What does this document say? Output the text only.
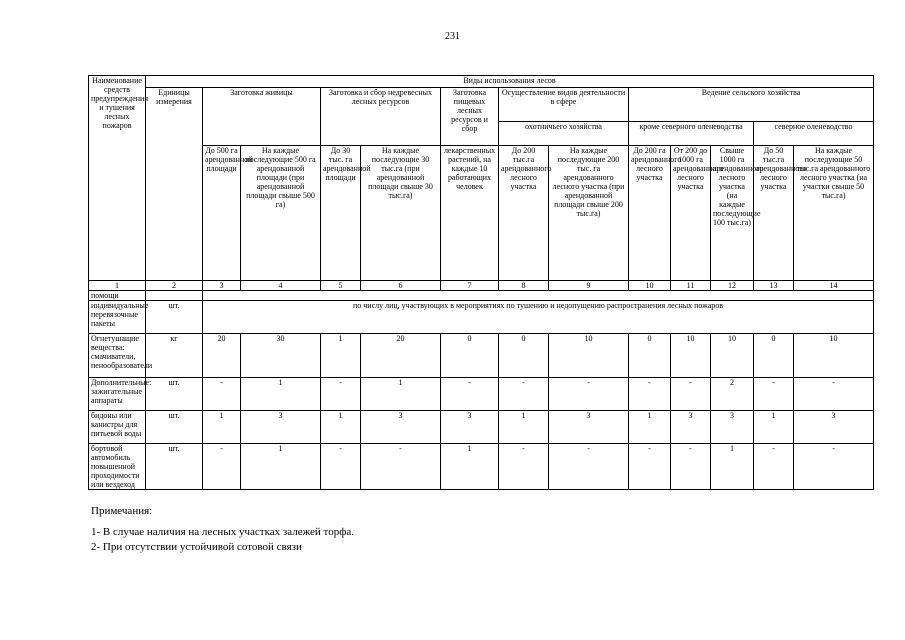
231
Наименование средств предупреждения и тушения лесных пожаров	Виды использования лесов												
	Единицы измерения	Заготовка живицы		Заготовка и сбор недревесных лесных ресурсов		Заготовка пищевых лесных ресурсов и сбор	Осуществление видов деятельности в сфере		Ведение сельского хозяйства				
							охотничьего хозяйства		кроме северного оленеводства			северное оленеводство	
		До 500 га арендованной площади	На каждые последующие 500 га арендованной площади (при арендованной площади свыше 500 га)	До 30 тыс. га арендованной площади	На каждые последующие 30 тыс.га (при арендованной площади свыше 30 тыс.га)	лекарственных растений, на каждые 10 работающих человек	До 200 тыс.га арендованного лесного участка	На каждые последующие 200 тыс. га арендованного лесного участка (при арендованной площади свыше 200 тыс.га)	До 200 га арендованного лесного участка	От 200 до 1000 га арендованного лесного участка	Свыше 1000 га арендованного лесного участка (на каждые последующие 100 тыс.га)	До 50 тыс.га арендованного лесного участка	На каждые последующие 50 тыс.га арендованного лесного участка (на участки свыше 50 тыс.га)
1	2	3	4	5	6	7	8	9	10	11	12	13	14
помощи													
индивидуальные перевязочные пакеты	шт.	по числу лиц, участвующих в мероприятиях по тушению и недопущению распространения лесных пожаров											
Огнетушащие вещества: смачиватели, пенообразователи	кг	20	30	1	20	0	0	10	0	10	10	0	10
Дополнительные: зажигательные аппараты	шт.	-	1	-	1	-	-	-	-	-	2	-	-
бидоны или канистры для питьевой воды	шт.	1	3	1	3	3	1	3	1	3	3	1	3
бортовой автомобиль повышенной проходимости или вездеход	шт.	-	1	-	-	1	-	-	-	-	1	-	-
Примечания:
1- В случае наличия на лесных участках залежей торфа.
2- При отсутствии устойчивой сотовой связи
